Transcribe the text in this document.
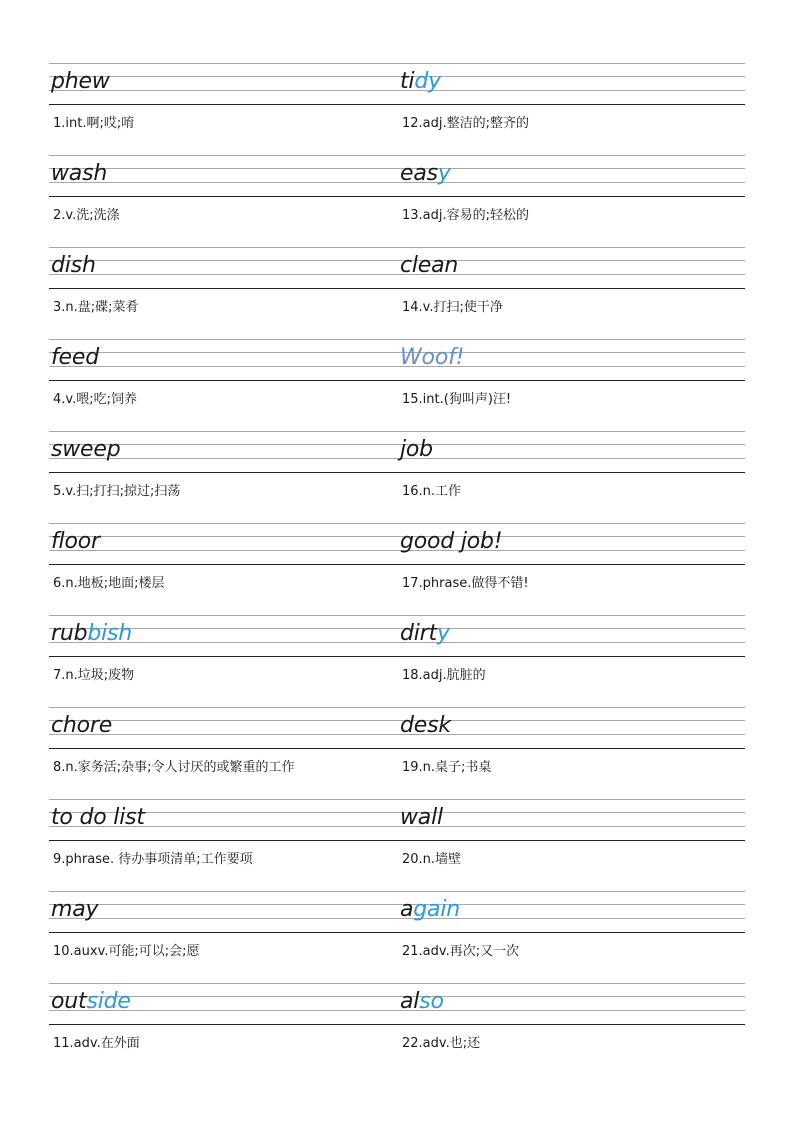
phew
1.int.啊;哎;唷
wash
2.v.洗;洗涤
dish
3.n.盘;碟;菜肴
feed
4.v.喂;吃;饲养
sweep
5.v.扫;打扫;掠过;扫荡
floor
6.n.地板;地面;楼层
rubbish
7.n.垃圾;废物
chore
8.n.家务活;杂事;令人讨厌的或繁重的工作
to do list
9.phrase. 待办事项清单;工作要项
may
10.auxv.可能;可以;会;愿
outside
11.adv.在外面
tidy
12.adj.整洁的;整齐的
easy
13.adj.容易的;轻松的
clean
14.v.打扫;使干净
Woof!
15.int.(狗叫声)汪!
job
16.n.工作
good job!
17.phrase.做得不错!
dirty
18.adj.肮脏的
desk
19.n.桌子;书桌
wall
20.n.墙壁
again
21.adv.再次;又一次
also
22.adv.也;还
